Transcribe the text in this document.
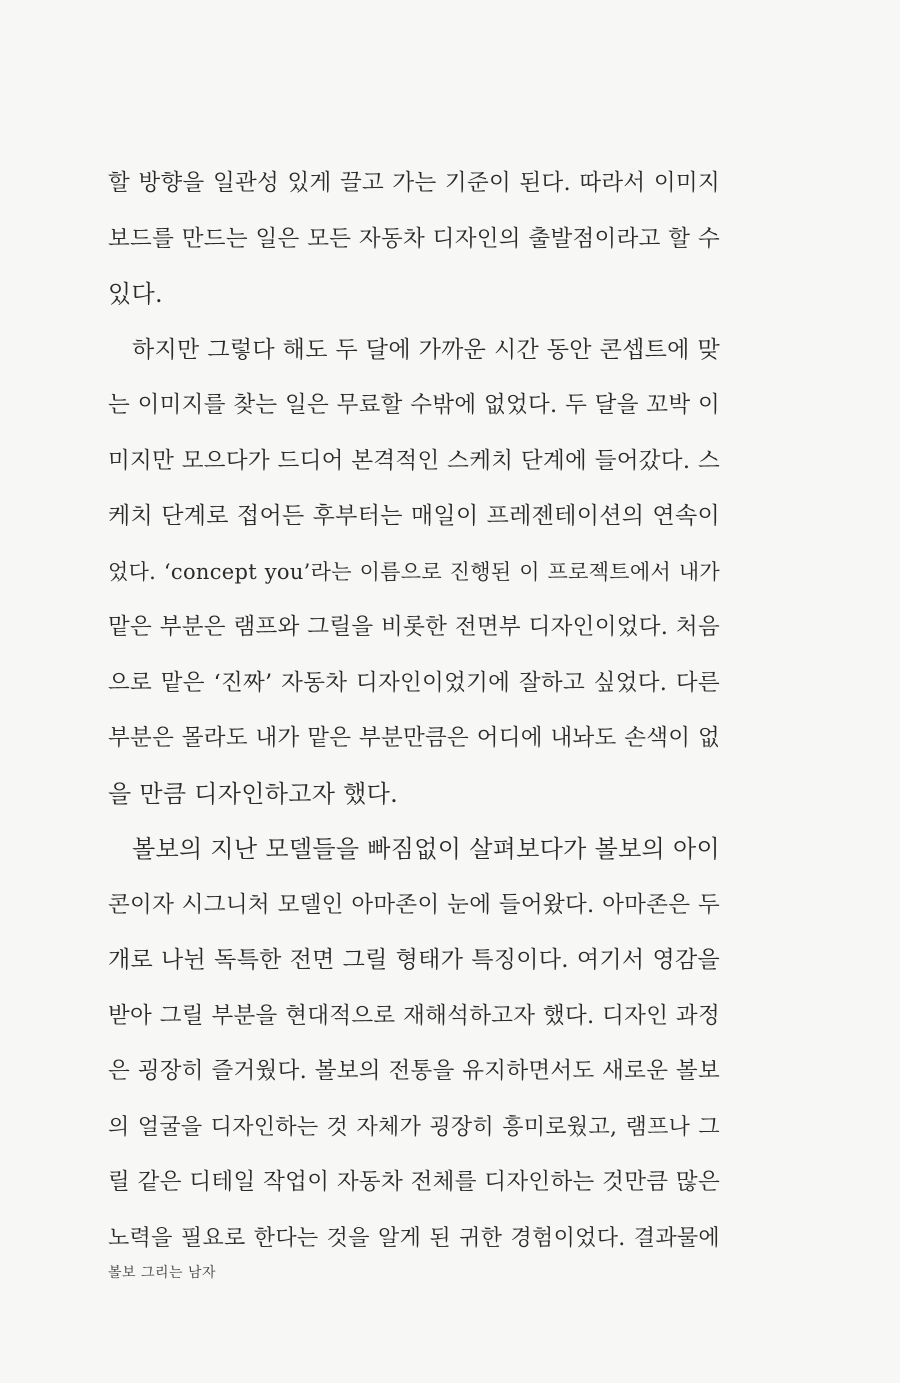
할 방향을 일관성 있게 끌고 가는 기준이 된다. 따라서 이미지
보드를 만드는 일은 모든 자동차 디자인의 출발점이라고 할 수
있다.
하지만 그렇다 해도 두 달에 가까운 시간 동안 콘셉트에 맞
는 이미지를 찾는 일은 무료할 수밖에 없었다. 두 달을 꼬박 이
미지만 모으다가 드디어 본격적인 스케치 단계에 들어갔다. 스
케치 단계로 접어든 후부터는 매일이 프레젠테이션의 연속이
었다. ‘concept you’라는 이름으로 진행된 이 프로젝트에서 내가
맡은 부분은 램프와 그릴을 비롯한 전면부 디자인이었다. 처음
으로 맡은 ‘진짜’ 자동차 디자인이었기에 잘하고 싶었다. 다른
부분은 몰라도 내가 맡은 부분만큼은 어디에 내놔도 손색이 없
을 만큼 디자인하고자 했다.
볼보의 지난 모델들을 빠짐없이 살펴보다가 볼보의 아이
콘이자 시그니처 모델인 아마존이 눈에 들어왔다. 아마존은 두
개로 나뉜 독특한 전면 그릴 형태가 특징이다. 여기서 영감을
받아 그릴 부분을 현대적으로 재해석하고자 했다. 디자인 과정
은 굉장히 즐거웠다. 볼보의 전통을 유지하면서도 새로운 볼보
의 얼굴을 디자인하는 것 자체가 굉장히 흥미로웠고, 램프나 그
릴 같은 디테일 작업이 자동차 전체를 디자인하는 것만큼 많은
노력을 필요로 한다는 것을 알게 된 귀한 경험이었다. 결과물에
볼보 그리는 남자
